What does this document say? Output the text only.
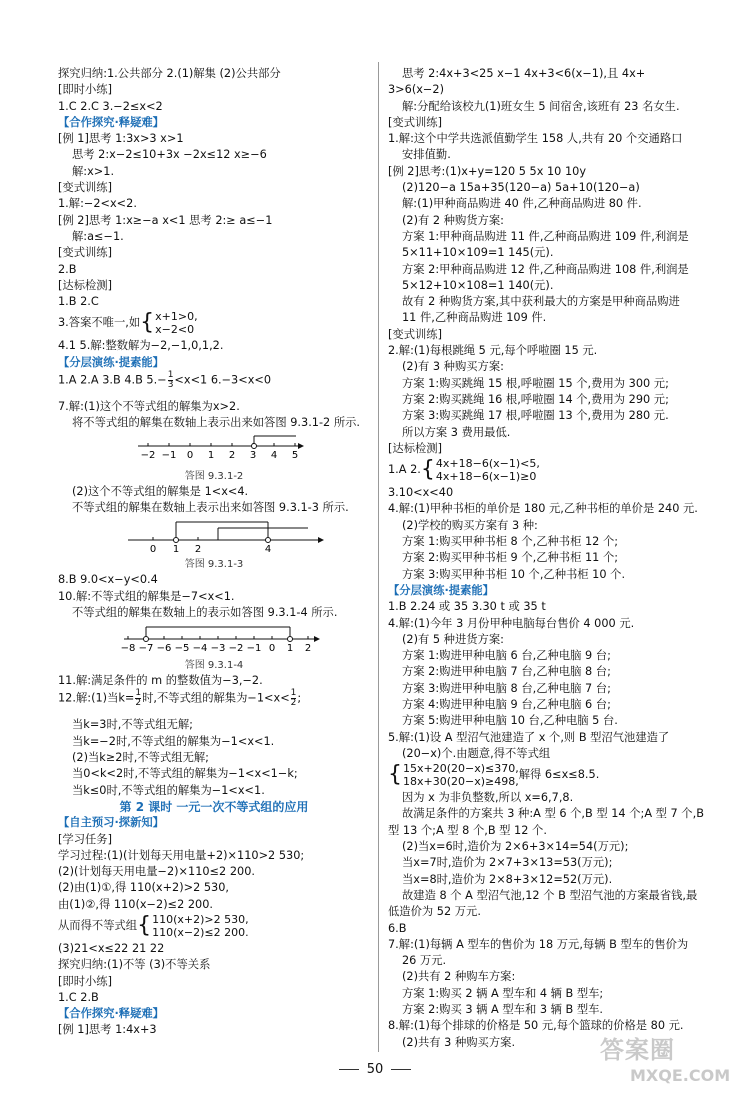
探究归纳:1.公共部分 2.(1)解集 (2)公共部分
[即时小练]
1.C 2.C 3.−2≤x<2
【合作探究·释疑难】
[例 1]思考 1:3x>3 x>1
思考 2:x−2≤10+3x −2x≤12 x≥−6
解:x>1.
[变式训练]
1.解:−2<x<2.
[例 2]思考 1:x≥−a x<1 思考 2:≥ a≤−1
解:a≤−1.
[变式训练]
2.B
[达标检测]
1.B 2.C
3.答案不唯一,如{x+1>0,
x−2<0
4.1 5.解:整数解为−2,−1,0,1,2.
【分层演练·提素能】
1.A 2.A 3.B 4.B $5.- \frac{1}{3} <x<1$ 6.−3<x<0
7.解:(1)这个不等式组的解集为x>2.
将不等式组的解集在数轴上表示出来如答图 9.3.1-2 所示.
−2 −1 0 1 2 3 4 5
答图 9.3.1-2
(2)这个不等式组的解集是 1<x<4.
不等式组的解集在数轴上表示出来如答图 9.3.1-3 所示.
0 1 2	4
答图 9.3.1-3
8.B 9.0<x−y<0.4
10.解:不等式组的解集是−7<x<1.
不等式组的解集在数轴上的表示如答图 9.3.1-4 所示.
−8 −7 −6 −5 −4 −3 −2 −1 0 1 2
答图 9.3.1-4
11.解:满足条件的 m 的整数值为−3,−2.
12.解:(1)当$k= \frac{1}{2}$ 时,不等式组的解集为$-1<x< \frac{1}{2}$ ;
当k=3时,不等式组无解;
当k=−2时,不等式组的解集为−1<x<1.
(2)当k≥2时,不等式组无解;
当0<k<2时,不等式组的解集为−1<x<1−k;
当k≤0时,不等式组的解集为−1<x<1.
第 2 课时 一元一次不等式组的应用
【自主预习·探新知】
[学习任务]
学习过程:(1)(计划每天用电量+2)×110>2 530;
(2)(计划每天用电量−2)×110≤2 200.
(2)由(1)①,得 110(x+2)>2 530,
由(1)②,得 110(x−2)≤2 200.
从而得不等式组{110(x+2)>2 530,
110(x−2)≤2 200.
(3)21<x≤22 21 22
探究归纳:(1)不等 (3)不等关系
[即时小练]
1.C 2.B
【合作探究·释疑难】
[例 1]思考 1:4x+3
思考 2:4x+3<25 x−1 4x+3<6(x−1),且 4x+
3>6(x−2)
解:分配给该校九(1)班女生 5 间宿舍,该班有 23 名女生.
[变式训练]
1.解:这个中学共选派值勤学生 158 人,共有 20 个交通路口
安排值勤.
[例 2]思考:(1)x+y=120 5 5x 10 10y
(2)120−a 15a+35(120−a) 5a+10(120−a)
解:(1)甲种商品购进 40 件,乙种商品购进 80 件.
(2)有 2 种购货方案:
方案 1:甲种商品购进 11 件,乙种商品购进 109 件,利润是
5×11+10×109=1 145(元).
方案 2:甲种商品购进 12 件,乙种商品购进 108 件,利润是
5×12+10×108=1 140(元).
故有 2 种购货方案,其中获利最大的方案是甲种商品购进
11 件,乙种商品购进 109 件.
[变式训练]
2.解:(1)每根跳绳 5 元,每个呼啦圈 15 元.
(2)有 3 种购买方案:
方案 1:购买跳绳 15 根,呼啦圈 15 个,费用为 300 元;
方案 2:购买跳绳 16 根,呼啦圈 14 个,费用为 290 元;
方案 3:购买跳绳 17 根,呼啦圈 13 个,费用为 280 元.
所以方案 3 费用最低.
[达标检测]
1.A 2.{4x+18−6(x−1)<5,
4x+18−6(x−1)≥0
3.10<x<40
4.解:(1)甲种书柜的单价是 180 元,乙种书柜的单价是 240 元.
(2)学校的购买方案有 3 种:
方案 1:购买甲种书柜 8 个,乙种书柜 12 个;
方案 2:购买甲种书柜 9 个,乙种书柜 11 个;
方案 3:购买甲种书柜 10 个,乙种书柜 10 个.
【分层演练·提素能】
1.B 2.24 或 35 3.30 t 或 35 t
4.解:(1)今年 3 月份甲种电脑每台售价 4 000 元.
(2)有 5 种进货方案:
方案 1:购进甲种电脑 6 台,乙种电脑 9 台;
方案 2:购进甲种电脑 7 台,乙种电脑 8 台;
方案 3:购进甲种电脑 8 台,乙种电脑 7 台;
方案 4:购进甲种电脑 9 台,乙种电脑 6 台;
方案 5:购进甲种电脑 10 台,乙种电脑 5 台.
5.解:(1)设 A 型沼气池建造了 x 个,则 B 型沼气池建造了
(20−x)个.由题意,得不等式组
{15x+20(20−x)≤370,
18x+30(20−x)≥498,解得 6≤x≤8.5.
因为 x 为非负整数,所以 x=6,7,8.
故满足条件的方案共 3 种:A 型 6 个,B 型 14 个;A 型 7 个,B
型 13 个;A 型 8 个,B 型 12 个.
(2)当x=6时,造价为 2×6+3×14=54(万元);
当x=7时,造价为 2×7+3×13=53(万元);
当x=8时,造价为 2×8+3×12=52(万元).
故建造 8 个 A 型沼气池,12 个 B 型沼气池的方案最省钱,最
低造价为 52 万元.
6.B
7.解:(1)每辆 A 型车的售价为 18 万元,每辆 B 型车的售价为
26 万元.
(2)共有 2 种购车方案:
方案 1:购买 2 辆 A 型车和 4 辆 B 型车;
方案 2:购买 3 辆 A 型车和 3 辆 B 型车.
8.解:(1)每个排球的价格是 50 元,每个篮球的价格是 80 元.
(2)共有 3 种购买方案.
50
答案圈
MXQE.COM
